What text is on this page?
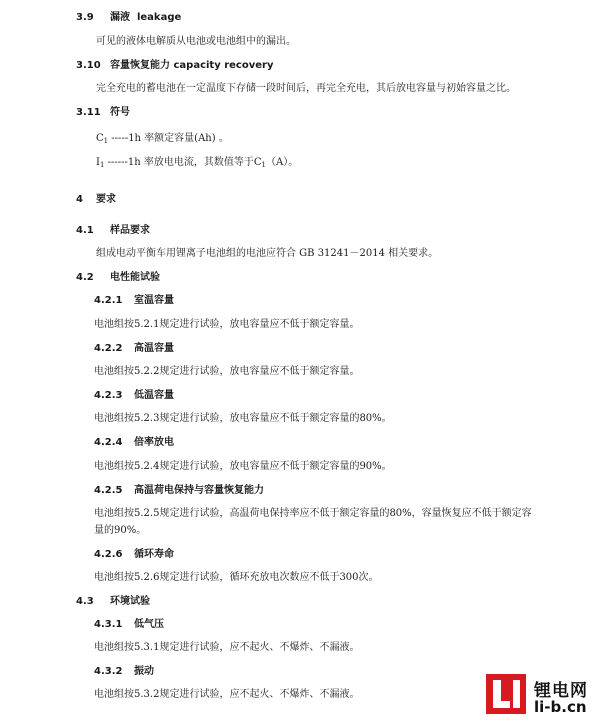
3.9 漏液 leakage
可见的液体电解质从电池或电池组中的漏出。
3.10 容量恢复能力 capacity recovery
完全充电的蓄电池在一定温度下存储一段时间后，再完全充电，其后放电容量与初始容量之比。
3.11 符号
$C_1$ -----1h 率额定容量(Ah) 。
$I_1$ ------1h 率放电电流，其数值等于$C_1(A)$。
4 要求
4.1 样品要求
组成电动平衡车用锂离子电池组的电池应符合 GB 31241－2014 相关要求。
4.2 电性能试验
4.2.1 室温容量
电池组按5.2.1规定进行试验，放电容量应不低于额定容量。
4.2.2 高温容量
电池组按5.2.2规定进行试验，放电容量应不低于额定容量。
4.2.3 低温容量
电池组按5.2.3规定进行试验，放电容量应不低于额定容量的80%。
4.2.4 倍率放电
电池组按5.2.4规定进行试验，放电容量应不低于额定容量的90%。
4.2.5 高温荷电保持与容量恢复能力
电池组按5.2.5规定进行试验，高温荷电保持率应不低于额定容量的80%，容量恢复应不低于额定容
量的90%。
4.2.6 循环寿命
电池组按5.2.6规定进行试验，循环充放电次数应不低于300次。
4.3 环境试验
4.3.1 低气压
电池组按5.3.1规定进行试验，应不起火、不爆炸、不漏液。
4.3.2 振动
电池组按5.3.2规定进行试验，应不起火、不爆炸、不漏液。	锂电网
li-b.cn
